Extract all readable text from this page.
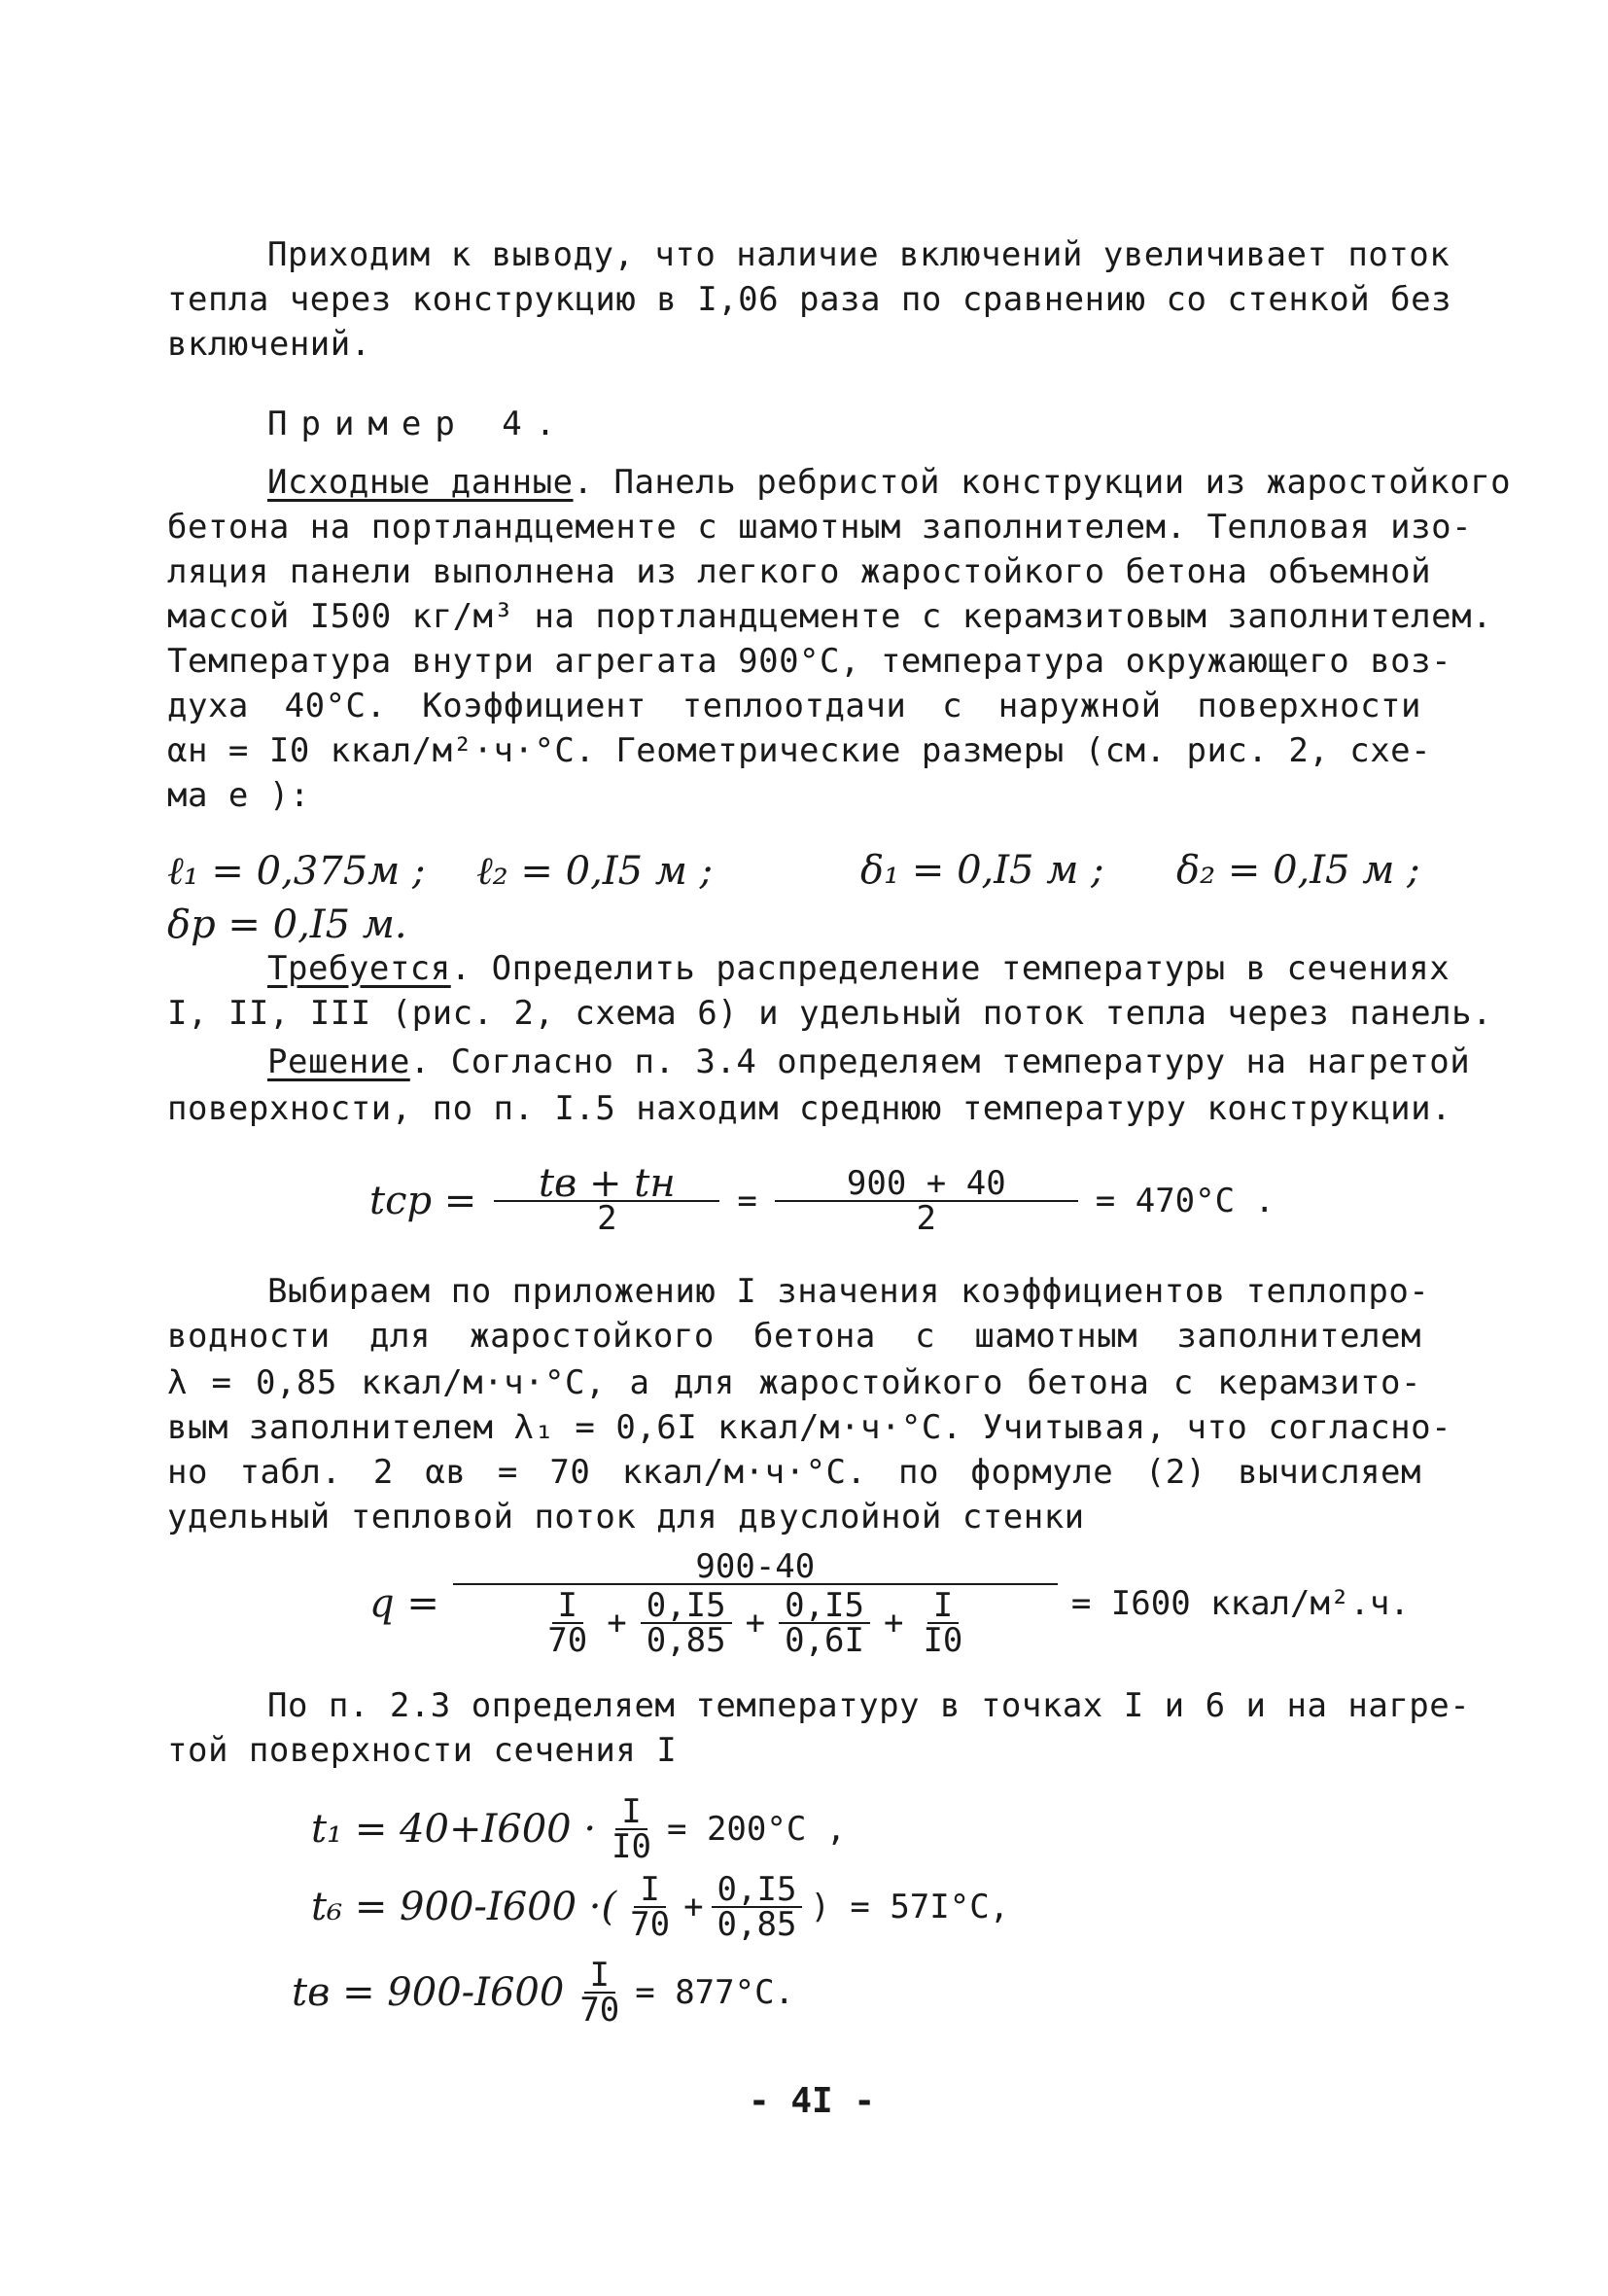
Приходим к выводу, что наличие включений увеличивает поток
тепла через конструкцию в I,06 раза по сравнению со стенкой без
включений.
Пример 4.
Исходные данные. Панель ребристой конструкции из жаростойкого
бетона на портландцементе с шамотным заполнителем. Тепловая изо-
ляция панели выполнена из легкого жаростойкого бетона объемной
массой I500 кг/м³ на портландцементе с керамзитовым заполнителем.
Температура внутри агрегата 900°С, температура окружающего воз-
духа 40°С. Коэффициент теплоотдачи с наружной поверхности
αн = I0 ккал/м²·ч·°С. Геометрические размеры (см. рис. 2, схе-
ма е ):
ℓ₁ = 0,375м ; ℓ₂ = 0,I5 м ;	δ₁ = 0,I5 м ; δ₂ = 0,I5 м ;
δр = 0,I5 м.
Требуется. Определить распределение температуры в сечениях
I, II, III (рис. 2, схема 6) и удельный поток тепла через панель.
Решение. Согласно п. 3.4 определяем температуру на нагретой
поверхности, по п. I.5 находим среднюю температуру конструкции.
tср = $\frac{tв + tн}{2} = \frac{900 + 40}{2} = 470^\circ С$ .
Выбираем по приложению I значения коэффициентов теплопро-
водности для жаростойкого бетона с шамотным заполнителем
λ = 0,85 ккал/м·ч·°С, а для жаростойкого бетона с керамзито-
вым заполнителем λ₁ = 0,6I ккал/м·ч·°С. Учитывая, что согласно-
но табл. 2 αв = 70 ккал/м·ч·°С. по формуле (2) вычисляем
удельный тепловой поток для двуслойной стенки
q =
900-40
$\frac{I}{70} + \frac{0,I5}{0,85} + \frac{0,I5}{0,6I} + \frac{I}{I0}$	= I600 ккал/м².ч.
По п. 2.3 определяем температуру в точках I и 6 и на нагре-
той поверхности сечения I
$t_1 = 40+I600 \cdot \frac{I}{I0} = 200^\circ С$ ,
t₆ = 900-I600 ·( $\frac{I}{70} + \frac{0,I5}{0,85}$ ) = 57I°С,
tв = $900-I600 \frac{I}{70} = 877^\circ С$.
- 4I -
